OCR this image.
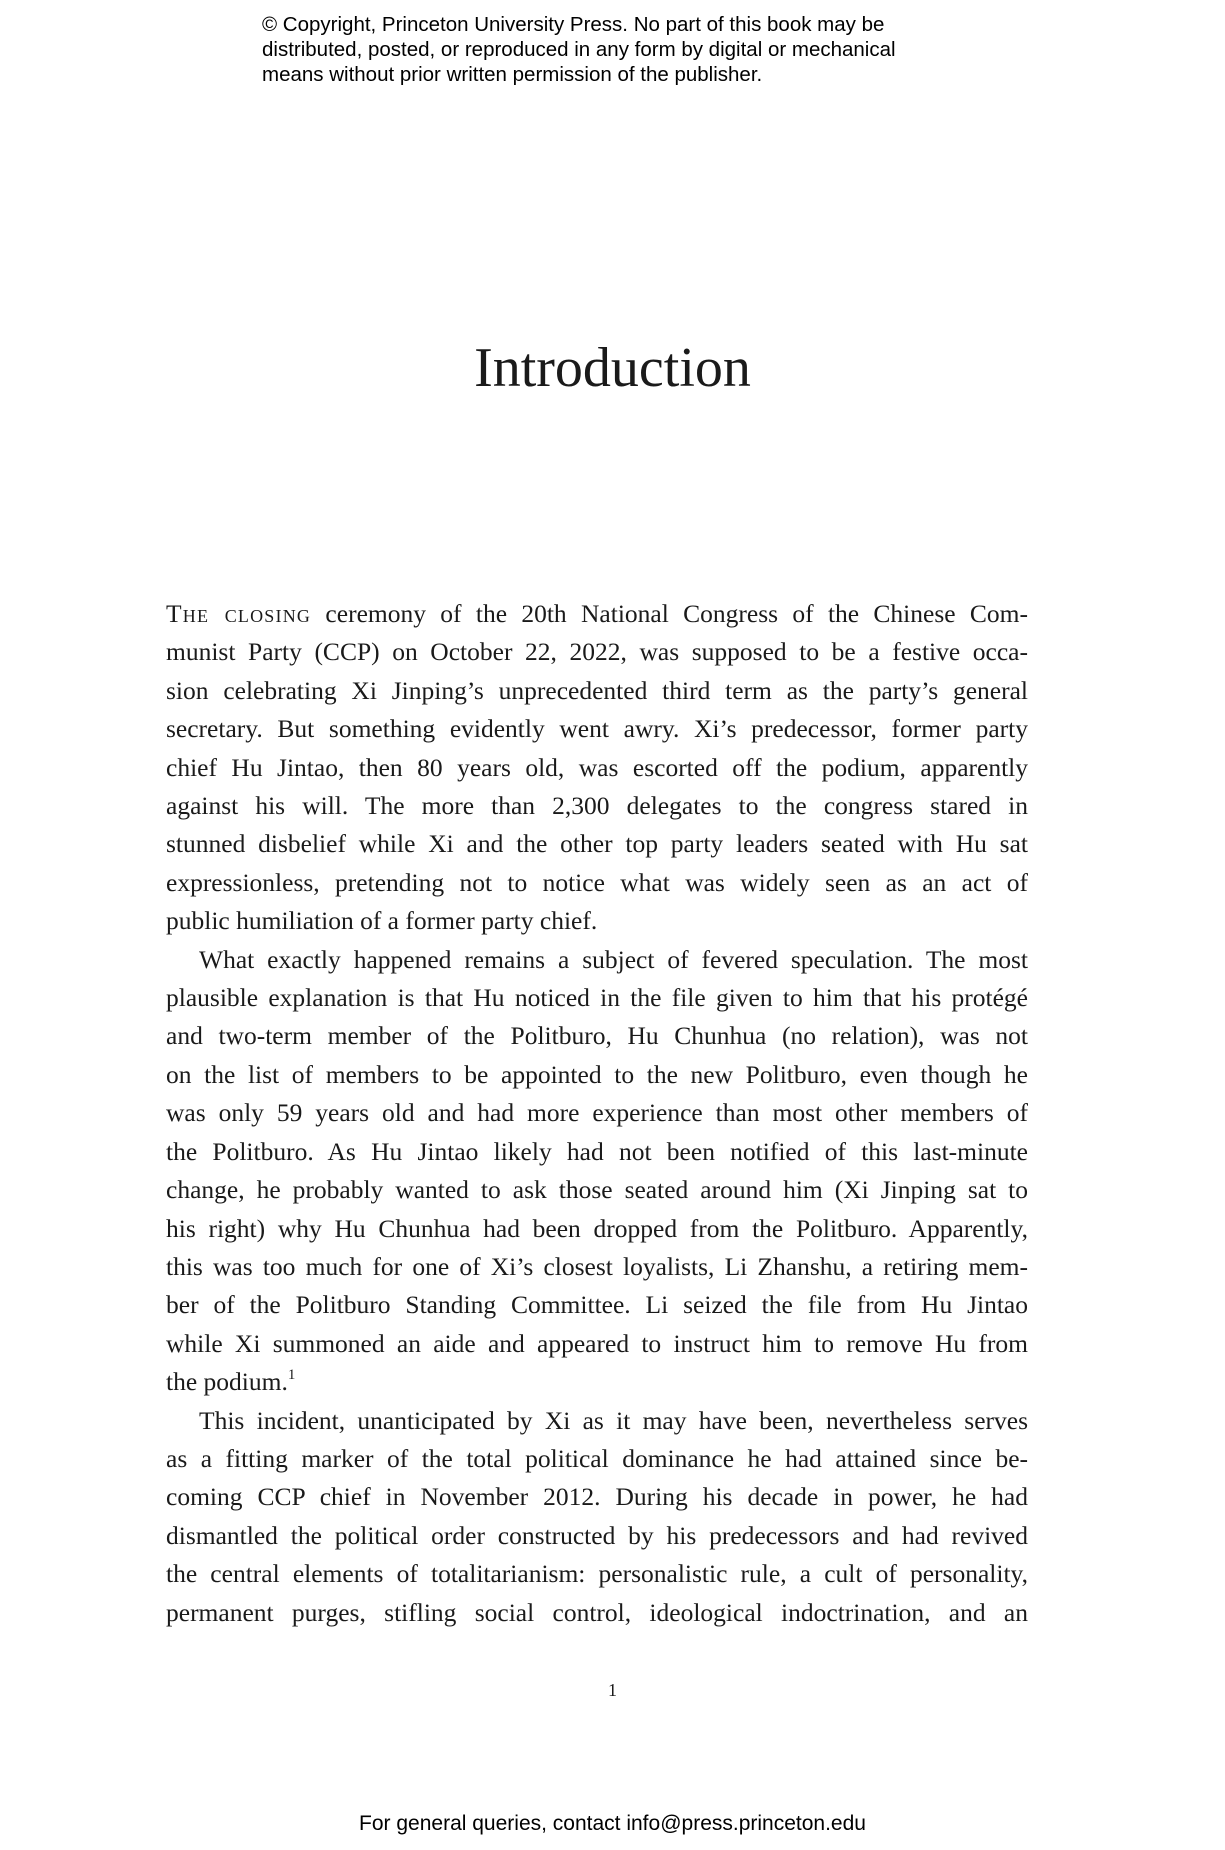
© Copyright, Princeton University Press. No part of this book may be

distributed, posted, or reproduced in any form by digital or mechanical

means without prior written permission of the publisher.

Introduction
The closing ceremony of the 20th National Congress of the Chinese Com-
munist Party (CCP) on October 22, 2022, was supposed to be a festive occa-
sion celebrating Xi Jinping’s unprecedented third term as the party’s general
secretary. But something evidently went awry. Xi’s predecessor, former party
chief Hu Jintao, then 80 years old, was escorted off the podium, apparently
against his will. The more than 2,300 delegates to the congress stared in
stunned disbelief while Xi and the other top party leaders seated with Hu sat
expressionless, pretending not to notice what was widely seen as an act of
public humiliation of a former party chief.
What exactly happened remains a subject of fevered speculation. The most
plausible explanation is that Hu noticed in the file given to him that his protégé
and two-term member of the Politburo, Hu Chunhua (no relation), was not
on the list of members to be appointed to the new Politburo, even though he
was only 59 years old and had more experience than most other members of
the Politburo. As Hu Jintao likely had not been notified of this last-minute
change, he probably wanted to ask those seated around him (Xi Jinping sat to
his right) why Hu Chunhua had been dropped from the Politburo. Apparently,
this was too much for one of Xi’s closest loyalists, Li Zhanshu, a retiring mem-
ber of the Politburo Standing Committee. Li seized the file from Hu Jintao
while Xi summoned an aide and appeared to instruct him to remove Hu from
the podium.$^1$
This incident, unanticipated by Xi as it may have been, nevertheless serves
as a fitting marker of the total political dominance he had attained since be-
coming CCP chief in November 2012. During his decade in power, he had
dismantled the political order constructed by his predecessors and had revived
the central elements of totalitarianism: personalistic rule, a cult of personality,
permanent purges, stifling social control, ideological indoctrination, and an
1
For general queries, contact info@press.princeton.edu
